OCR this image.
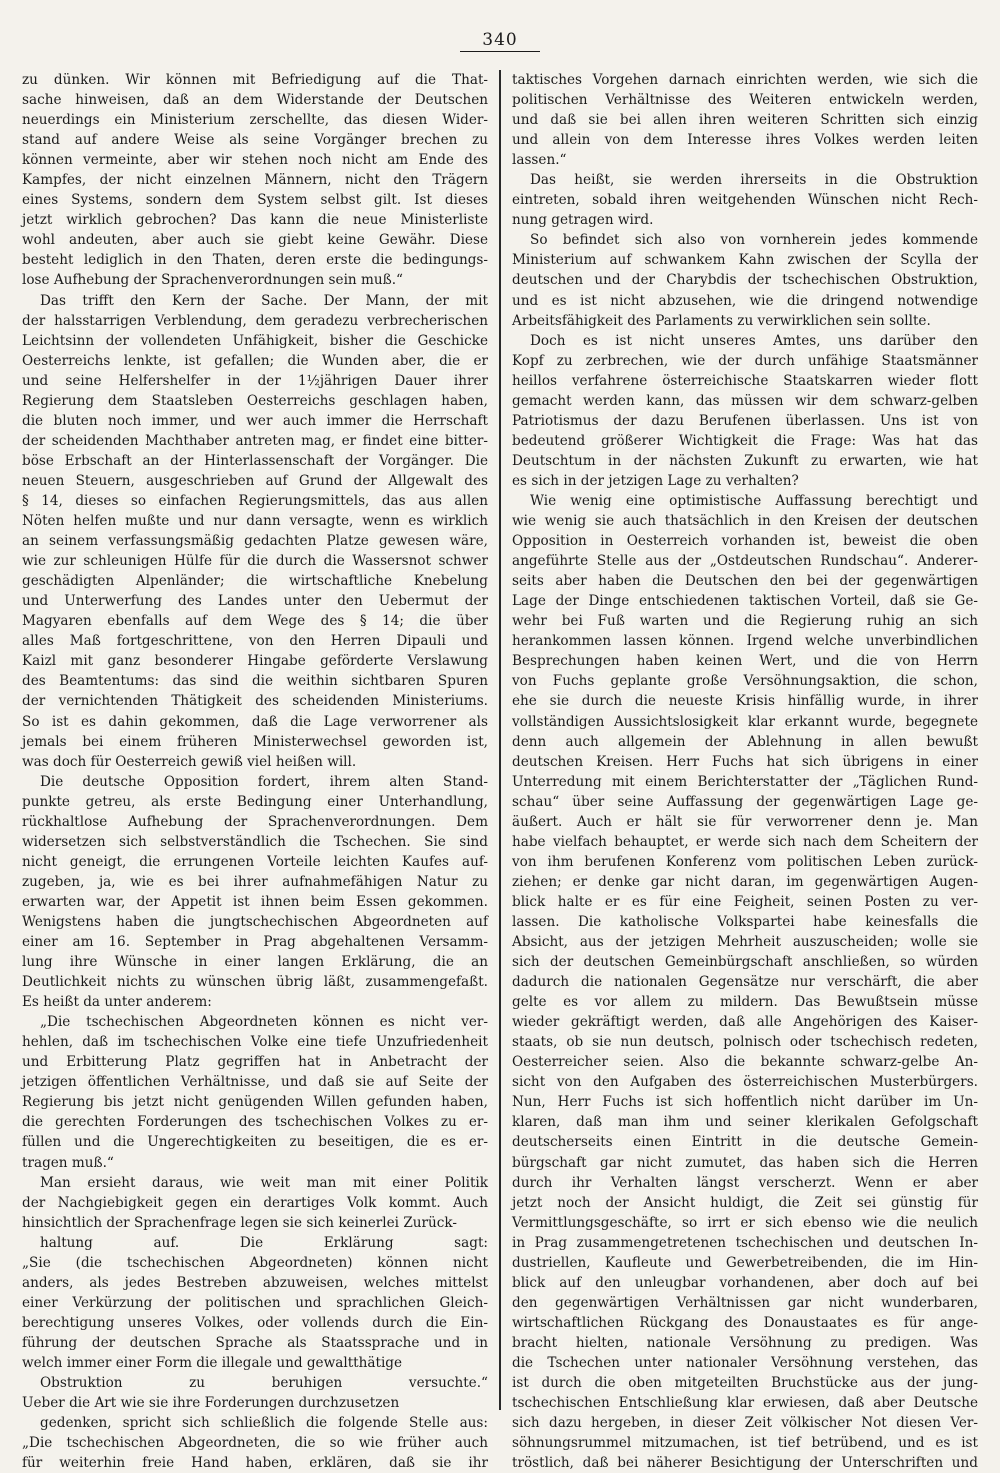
340
zu dünken. Wir können mit Befriedigung auf die That-
sache hinweisen, daß an dem Widerstande der Deutschen
neuerdings ein Ministerium zerschellte, das diesen Wider-
stand auf andere Weise als seine Vorgänger brechen zu
können vermeinte, aber wir stehen noch nicht am Ende des
Kampfes, der nicht einzelnen Männern, nicht den Trägern
eines Systems, sondern dem System selbst gilt. Ist dieses
jetzt wirklich gebrochen? Das kann die neue Ministerliste
wohl andeuten, aber auch sie giebt keine Gewähr. Diese
besteht lediglich in den Thaten, deren erste die bedingungs-
lose Aufhebung der Sprachenverordnungen sein muß.“
Das trifft den Kern der Sache. Der Mann, der mit
der halsstarrigen Verblendung, dem geradezu verbrecherischen
Leichtsinn der vollendeten Unfähigkeit, bisher die Geschicke
Oesterreichs lenkte, ist gefallen; die Wunden aber, die er
und seine Helfershelfer in der 1½jährigen Dauer ihrer
Regierung dem Staatsleben Oesterreichs geschlagen haben,
die bluten noch immer, und wer auch immer die Herrschaft
der scheidenden Machthaber antreten mag, er findet eine bitter-
böse Erbschaft an der Hinterlassenschaft der Vorgänger. Die
neuen Steuern, ausgeschrieben auf Grund der Allgewalt des
§ 14, dieses so einfachen Regierungsmittels, das aus allen
Nöten helfen mußte und nur dann versagte, wenn es wirklich
an seinem verfassungsmäßig gedachten Platze gewesen wäre,
wie zur schleunigen Hülfe für die durch die Wassersnot schwer
geschädigten Alpenländer; die wirtschaftliche Knebelung
und Unterwerfung des Landes unter den Uebermut der
Magyaren ebenfalls auf dem Wege des § 14; die über
alles Maß fortgeschrittene, von den Herren Dipauli und
Kaizl mit ganz besonderer Hingabe geförderte Verslawung
des Beamtentums: das sind die weithin sichtbaren Spuren
der vernichtenden Thätigkeit des scheidenden Ministeriums.
So ist es dahin gekommen, daß die Lage verworrener als
jemals bei einem früheren Ministerwechsel geworden ist,
was doch für Oesterreich gewiß viel heißen will.
Die deutsche Opposition fordert, ihrem alten Stand-
punkte getreu, als erste Bedingung einer Unterhandlung,
rückhaltlose Aufhebung der Sprachenverordnungen. Dem
widersetzen sich selbstverständlich die Tschechen. Sie sind
nicht geneigt, die errungenen Vorteile leichten Kaufes auf-
zugeben, ja, wie es bei ihrer aufnahmefähigen Natur zu
erwarten war, der Appetit ist ihnen beim Essen gekommen.
Wenigstens haben die jungtschechischen Abgeordneten auf
einer am 16. September in Prag abgehaltenen Versamm-
lung ihre Wünsche in einer langen Erklärung, die an
Deutlichkeit nichts zu wünschen übrig läßt, zusammengefaßt.
Es heißt da unter anderem:
„Die tschechischen Abgeordneten können es nicht ver-
hehlen, daß im tschechischen Volke eine tiefe Unzufriedenheit
und Erbitterung Platz gegriffen hat in Anbetracht der
jetzigen öffentlichen Verhältnisse, und daß sie auf Seite der
Regierung bis jetzt nicht genügenden Willen gefunden haben,
die gerechten Forderungen des tschechischen Volkes zu er-
füllen und die Ungerechtigkeiten zu beseitigen, die es er-
tragen muß.“
Man ersieht daraus, wie weit man mit einer Politik
der Nachgiebigkeit gegen ein derartiges Volk kommt. Auch
hinsichtlich der Sprachenfrage legen sie sich keinerlei Zurück-
haltung auf. Die Erklärung sagt:
„Sie (die tschechischen Abgeordneten) können nicht
anders, als jedes Bestreben abzuweisen, welches mittelst
einer Verkürzung der politischen und sprachlichen Gleich-
berechtigung unseres Volkes, oder vollends durch die Ein-
führung der deutschen Sprache als Staatssprache und in
welch immer einer Form die illegale und gewaltthätige
Obstruktion zu beruhigen versuchte.“
Ueber die Art wie sie ihre Forderungen durchzusetzen
gedenken, spricht sich schließlich die folgende Stelle aus:
„Die tschechischen Abgeordneten, die so wie früher auch
für weiterhin freie Hand haben, erklären, daß sie ihr
taktisches Vorgehen darnach einrichten werden, wie sich die
politischen Verhältnisse des Weiteren entwickeln werden,
und daß sie bei allen ihren weiteren Schritten sich einzig
und allein von dem Interesse ihres Volkes werden leiten
lassen.“
Das heißt, sie werden ihrerseits in die Obstruktion
eintreten, sobald ihren weitgehenden Wünschen nicht Rech-
nung getragen wird.
So befindet sich also von vornherein jedes kommende
Ministerium auf schwankem Kahn zwischen der Scylla der
deutschen und der Charybdis der tschechischen Obstruktion,
und es ist nicht abzusehen, wie die dringend notwendige
Arbeitsfähigkeit des Parlaments zu verwirklichen sein sollte.
Doch es ist nicht unseres Amtes, uns darüber den
Kopf zu zerbrechen, wie der durch unfähige Staatsmänner
heillos verfahrene österreichische Staatskarren wieder flott
gemacht werden kann, das müssen wir dem schwarz-gelben
Patriotismus der dazu Berufenen überlassen. Uns ist von
bedeutend größerer Wichtigkeit die Frage: Was hat das
Deutschtum in der nächsten Zukunft zu erwarten, wie hat
es sich in der jetzigen Lage zu verhalten?
Wie wenig eine optimistische Auffassung berechtigt und
wie wenig sie auch thatsächlich in den Kreisen der deutschen
Opposition in Oesterreich vorhanden ist, beweist die oben
angeführte Stelle aus der „Ostdeutschen Rundschau“. Anderer-
seits aber haben die Deutschen den bei der gegenwärtigen
Lage der Dinge entschiedenen taktischen Vorteil, daß sie Ge-
wehr bei Fuß warten und die Regierung ruhig an sich
herankommen lassen können. Irgend welche unverbindlichen
Besprechungen haben keinen Wert, und die von Herrn
von Fuchs geplante große Versöhnungsaktion, die schon,
ehe sie durch die neueste Krisis hinfällig wurde, in ihrer
vollständigen Aussichtslosigkeit klar erkannt wurde, begegnete
denn auch allgemein der Ablehnung in allen bewußt
deutschen Kreisen. Herr Fuchs hat sich übrigens in einer
Unterredung mit einem Berichterstatter der „Täglichen Rund-
schau“ über seine Auffassung der gegenwärtigen Lage ge-
äußert. Auch er hält sie für verworrener denn je. Man
habe vielfach behauptet, er werde sich nach dem Scheitern der
von ihm berufenen Konferenz vom politischen Leben zurück-
ziehen; er denke gar nicht daran, im gegenwärtigen Augen-
blick halte er es für eine Feigheit, seinen Posten zu ver-
lassen. Die katholische Volkspartei habe keinesfalls die
Absicht, aus der jetzigen Mehrheit auszuscheiden; wolle sie
sich der deutschen Gemeinbürgschaft anschließen, so würden
dadurch die nationalen Gegensätze nur verschärft, die aber
gelte es vor allem zu mildern. Das Bewußtsein müsse
wieder gekräftigt werden, daß alle Angehörigen des Kaiser-
staats, ob sie nun deutsch, polnisch oder tschechisch redeten,
Oesterreicher seien. Also die bekannte schwarz-gelbe An-
sicht von den Aufgaben des österreichischen Musterbürgers.
Nun, Herr Fuchs ist sich hoffentlich nicht darüber im Un-
klaren, daß man ihm und seiner klerikalen Gefolgschaft
deutscherseits einen Eintritt in die deutsche Gemein-
bürgschaft gar nicht zumutet, das haben sich die Herren
durch ihr Verhalten längst verscherzt. Wenn er aber
jetzt noch der Ansicht huldigt, die Zeit sei günstig für
Vermittlungsgeschäfte, so irrt er sich ebenso wie die neulich
in Prag zusammengetretenen tschechischen und deutschen In-
dustriellen, Kaufleute und Gewerbetreibenden, die im Hin-
blick auf den unleugbar vorhandenen, aber doch auf bei
den gegenwärtigen Verhältnissen gar nicht wunderbaren,
wirtschaftlichen Rückgang des Donaustaates es für ange-
bracht hielten, nationale Versöhnung zu predigen. Was
die Tschechen unter nationaler Versöhnung verstehen, das
ist durch die oben mitgeteilten Bruchstücke aus der jung-
tschechischen Entschließung klar erwiesen, daß aber Deutsche
sich dazu hergeben, in dieser Zeit völkischer Not diesen Ver-
söhnungsrummel mitzumachen, ist tief betrübend, und es ist
tröstlich, daß bei näherer Besichtigung der Unterschriften und
